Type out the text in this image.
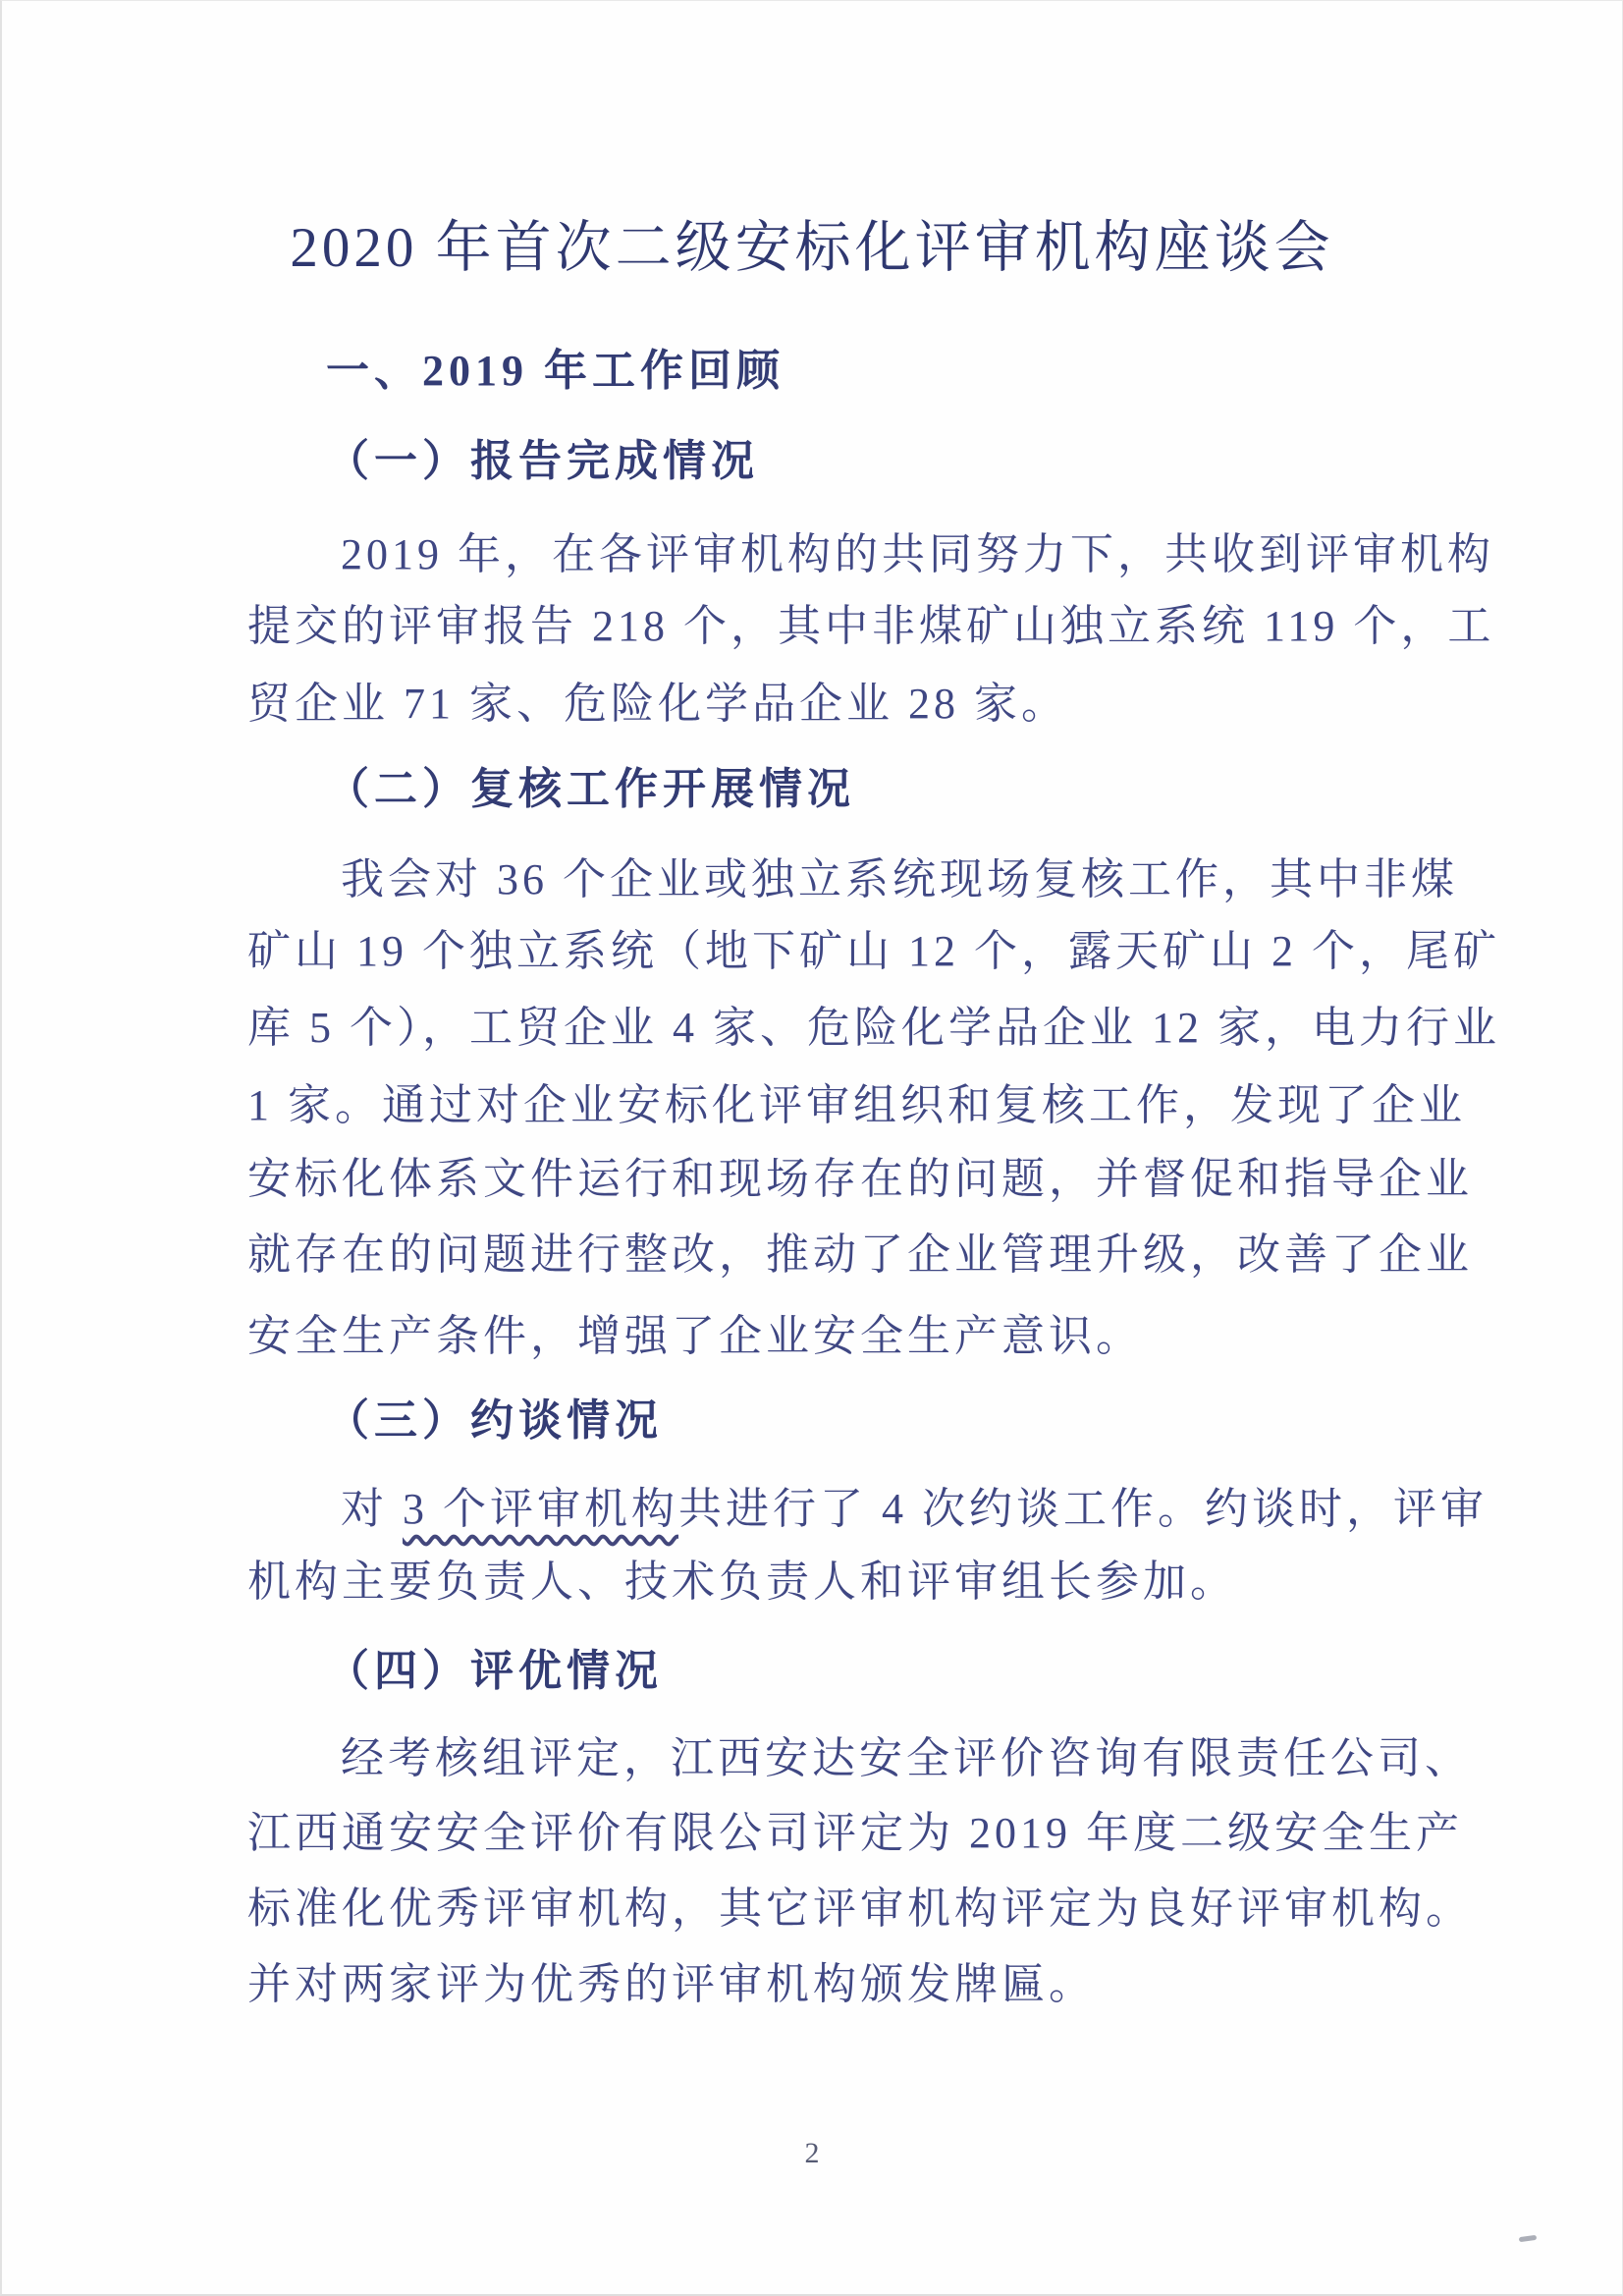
2020 年首次二级安标化评审机构座谈会
一、2019 年工作回顾
（一）报告完成情况
2019 年，在各评审机构的共同努力下，共收到评审机构
提交的评审报告 218 个，其中非煤矿山独立系统 119 个，工
贸企业 71 家、危险化学品企业 28 家。
（二）复核工作开展情况
我会对 36 个企业或独立系统现场复核工作，其中非煤
矿山 19 个独立系统（地下矿山 12 个，露天矿山 2 个，尾矿
库 5 个），工贸企业 4 家、危险化学品企业 12 家，电力行业
1 家。通过对企业安标化评审组织和复核工作，发现了企业
安标化体系文件运行和现场存在的问题，并督促和指导企业
就存在的问题进行整改，推动了企业管理升级，改善了企业
安全生产条件，增强了企业安全生产意识。
（三）约谈情况
对 3 个评审机构共进行了 4 次约谈工作。约谈时，评审
机构主要负责人、技术负责人和评审组长参加。
（四）评优情况
经考核组评定，江西安达安全评价咨询有限责任公司、
江西通安安全评价有限公司评定为 2019 年度二级安全生产
标准化优秀评审机构，其它评审机构评定为良好评审机构。
并对两家评为优秀的评审机构颁发牌匾。
2
